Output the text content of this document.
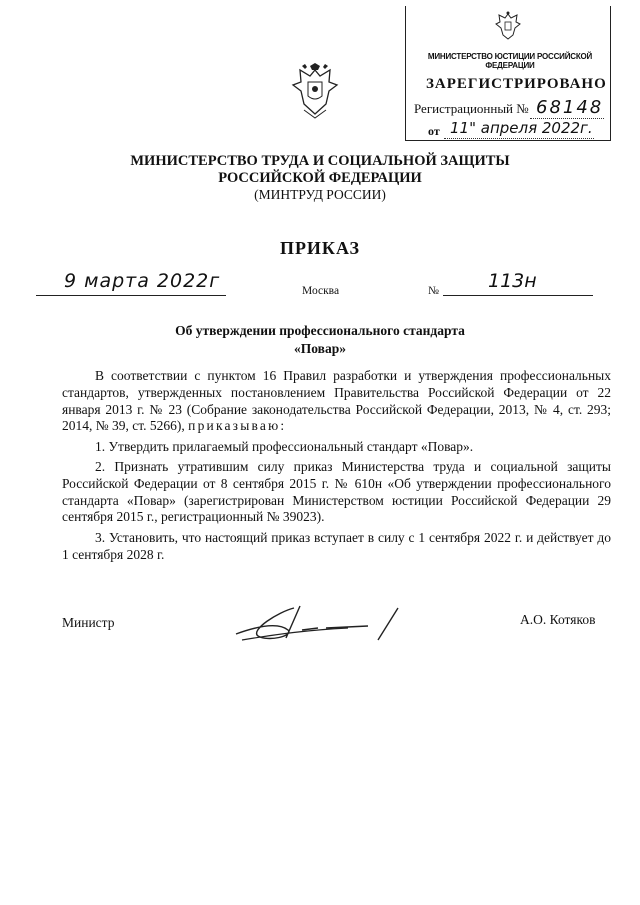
МИНИСТЕРСТВО ЮСТИЦИИ РОССИЙСКОЙ ФЕДЕРАЦИИ
ЗАРЕГИСТРИРОВАНО
Регистрационный № 68148
от 11" апреля 2022г.
МИНИСТЕРСТВО ТРУДА И СОЦИАЛЬНОЙ ЗАЩИТЫ
РОССИЙСКОЙ ФЕДЕРАЦИИ
(МИНТРУД РОССИИ)
ПРИКАЗ
9 марта 2022г	Москва	№	113н
Об утверждении профессионального стандарта
«Повар»

В соответствии с пунктом 16 Правил разработки и утверждения профессиональных стандартов, утвержденных постановлением Правительства Российской Федерации от 22 января 2013 г. № 23 (Собрание законодательства Российской Федерации, 2013, № 4, ст. 293; 2014, № 39, ст. 5266), приказываю:

1. Утвердить прилагаемый профессиональный стандарт «Повар».

2. Признать утратившим силу приказ Министерства труда и социальной защиты Российской Федерации от 8 сентября 2015 г. № 610н «Об утверждении профессионального стандарта «Повар» (зарегистрирован Министерством юстиции Российской Федерации 29 сентября 2015 г., регистрационный № 39023).

3. Установить, что настоящий приказ вступает в силу с 1 сентября 2022 г. и действует до 1 сентября 2028 г.

Министр	А.О. Котяков
